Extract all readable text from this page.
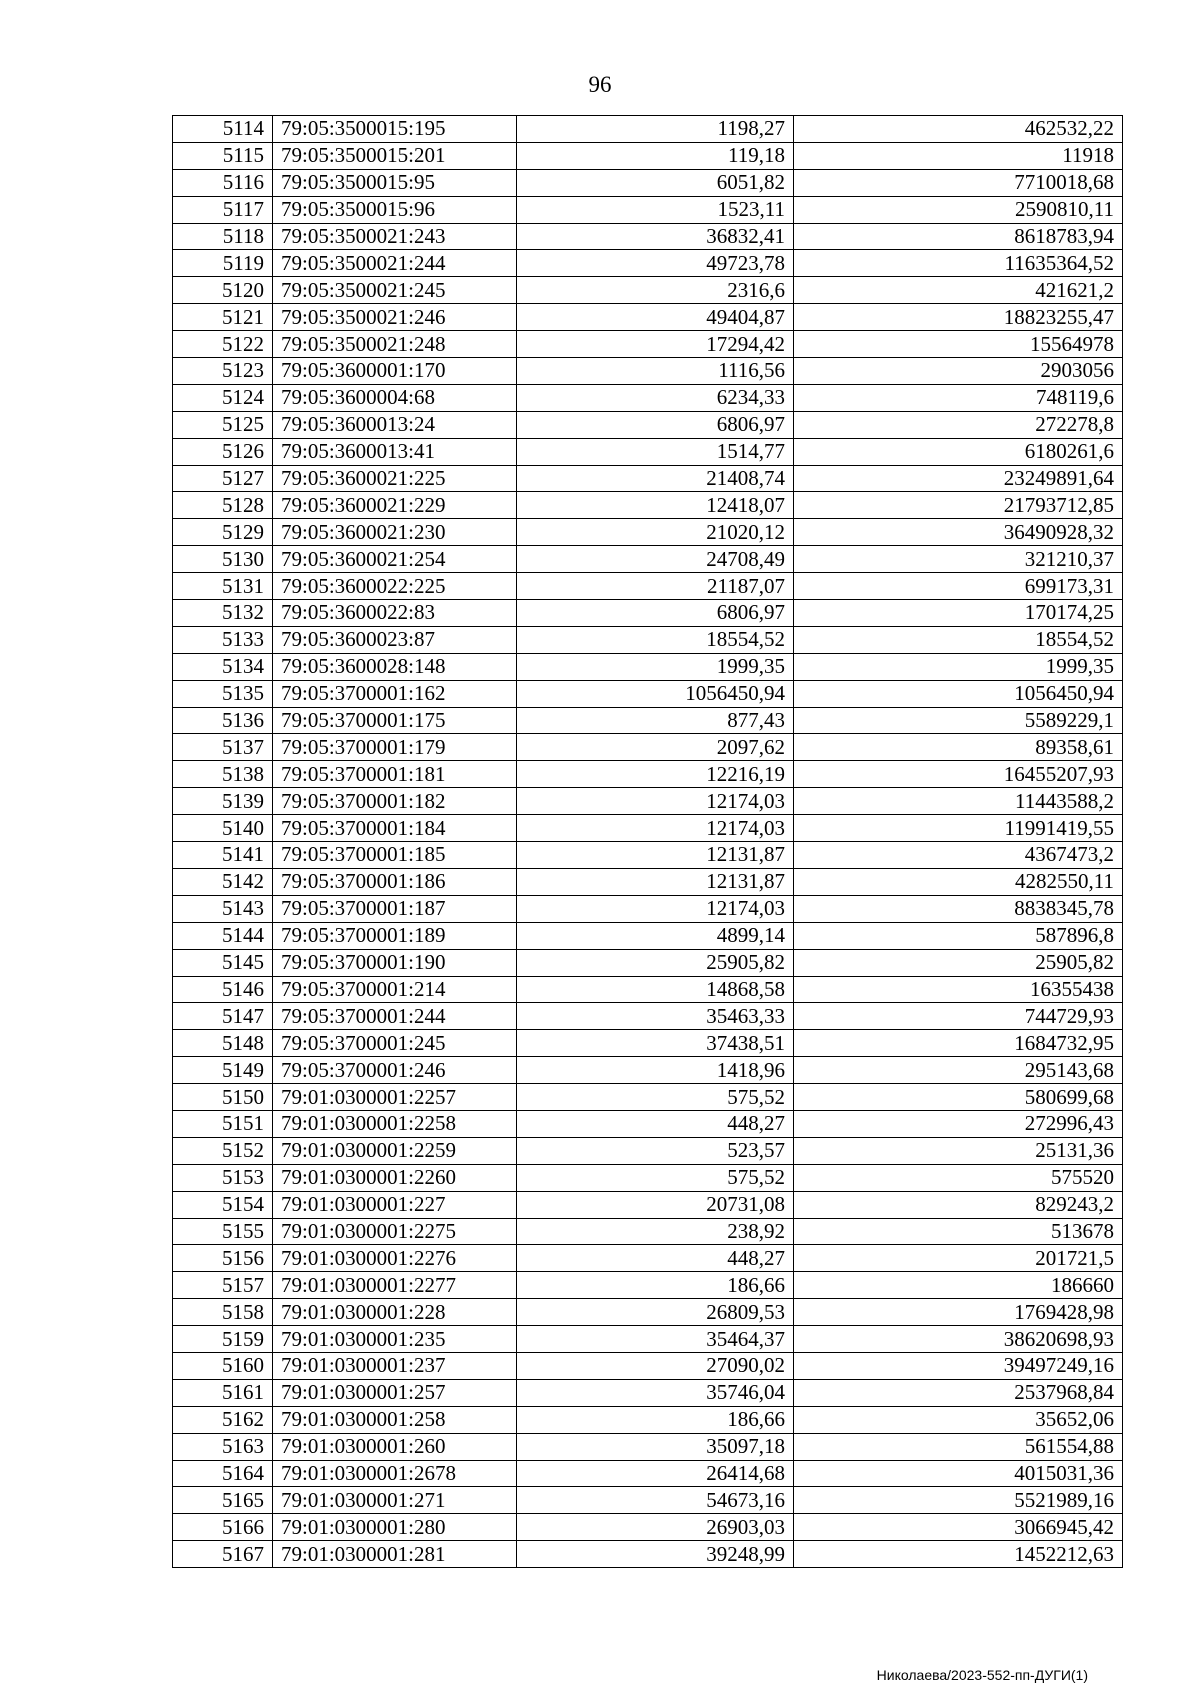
96
5114	79:05:3500015:195	1198,27	462532,22
5115	79:05:3500015:201	119,18	11918
5116	79:05:3500015:95	6051,82	7710018,68
5117	79:05:3500015:96	1523,11	2590810,11
5118	79:05:3500021:243	36832,41	8618783,94
5119	79:05:3500021:244	49723,78	11635364,52
5120	79:05:3500021:245	2316,6	421621,2
5121	79:05:3500021:246	49404,87	18823255,47
5122	79:05:3500021:248	17294,42	15564978
5123	79:05:3600001:170	1116,56	2903056
5124	79:05:3600004:68	6234,33	748119,6
5125	79:05:3600013:24	6806,97	272278,8
5126	79:05:3600013:41	1514,77	6180261,6
5127	79:05:3600021:225	21408,74	23249891,64
5128	79:05:3600021:229	12418,07	21793712,85
5129	79:05:3600021:230	21020,12	36490928,32
5130	79:05:3600021:254	24708,49	321210,37
5131	79:05:3600022:225	21187,07	699173,31
5132	79:05:3600022:83	6806,97	170174,25
5133	79:05:3600023:87	18554,52	18554,52
5134	79:05:3600028:148	1999,35	1999,35
5135	79:05:3700001:162	1056450,94	1056450,94
5136	79:05:3700001:175	877,43	5589229,1
5137	79:05:3700001:179	2097,62	89358,61
5138	79:05:3700001:181	12216,19	16455207,93
5139	79:05:3700001:182	12174,03	11443588,2
5140	79:05:3700001:184	12174,03	11991419,55
5141	79:05:3700001:185	12131,87	4367473,2
5142	79:05:3700001:186	12131,87	4282550,11
5143	79:05:3700001:187	12174,03	8838345,78
5144	79:05:3700001:189	4899,14	587896,8
5145	79:05:3700001:190	25905,82	25905,82
5146	79:05:3700001:214	14868,58	16355438
5147	79:05:3700001:244	35463,33	744729,93
5148	79:05:3700001:245	37438,51	1684732,95
5149	79:05:3700001:246	1418,96	295143,68
5150	79:01:0300001:2257	575,52	580699,68
5151	79:01:0300001:2258	448,27	272996,43
5152	79:01:0300001:2259	523,57	25131,36
5153	79:01:0300001:2260	575,52	575520
5154	79:01:0300001:227	20731,08	829243,2
5155	79:01:0300001:2275	238,92	513678
5156	79:01:0300001:2276	448,27	201721,5
5157	79:01:0300001:2277	186,66	186660
5158	79:01:0300001:228	26809,53	1769428,98
5159	79:01:0300001:235	35464,37	38620698,93
5160	79:01:0300001:237	27090,02	39497249,16
5161	79:01:0300001:257	35746,04	2537968,84
5162	79:01:0300001:258	186,66	35652,06
5163	79:01:0300001:260	35097,18	561554,88
5164	79:01:0300001:2678	26414,68	4015031,36
5165	79:01:0300001:271	54673,16	5521989,16
5166	79:01:0300001:280	26903,03	3066945,42
5167	79:01:0300001:281	39248,99	1452212,63
Николаева/2023-552-пп-ДУГИ(1)
